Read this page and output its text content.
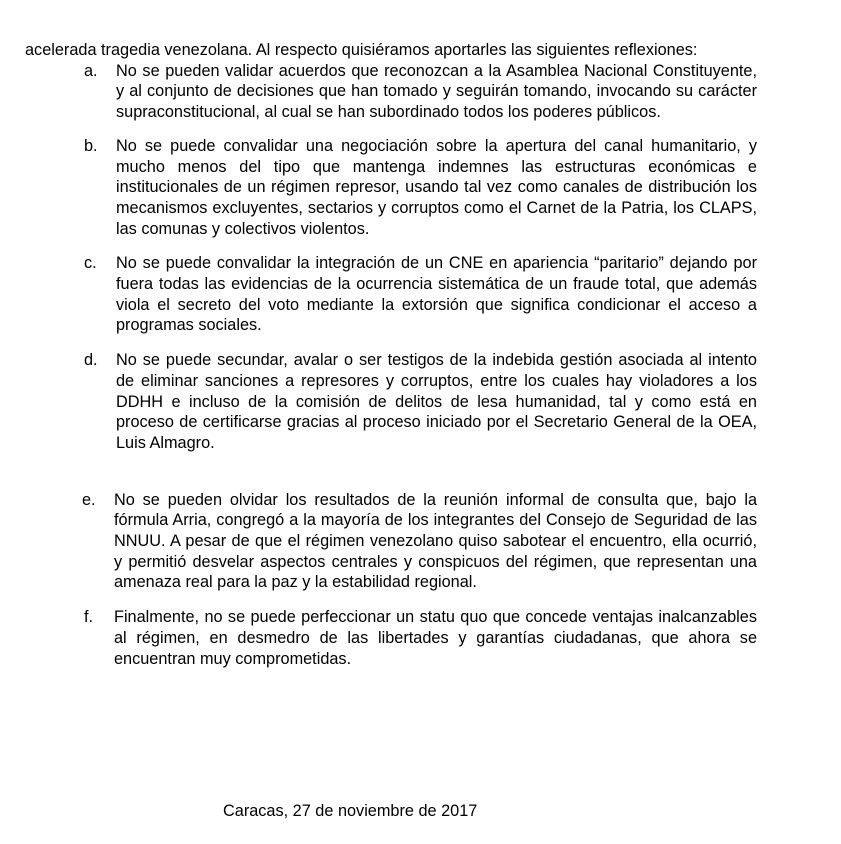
acelerada tragedia venezolana. Al respecto quisiéramos aportarles las siguientes reflexiones:

a. No se pueden validar acuerdos que reconozcan a la Asamblea Nacional Constituyente, y al conjunto de decisiones que han tomado y seguirán tomando, invocando su carácter supraconstitucional, al cual se han subordinado todos los poderes públicos.
b. No se puede convalidar una negociación sobre la apertura del canal humanitario, y mucho menos del tipo que mantenga indemnes las estructuras económicas e institucionales de un régimen represor, usando tal vez como canales de distribución los mecanismos excluyentes, sectarios y corruptos como el Carnet de la Patria, los CLAPS, las comunas y colectivos violentos.
c. No se puede convalidar la integración de un CNE en apariencia “paritario” dejando por fuera todas las evidencias de la ocurrencia sistemática de un fraude total, que además viola el secreto del voto mediante la extorsión que significa condicionar el acceso a programas sociales.
d. No se puede secundar, avalar o ser testigos de la indebida gestión asociada al intento de eliminar sanciones a represores y corruptos, entre los cuales hay violadores a los DDHH e incluso de la comisión de delitos de lesa humanidad, tal y como está en proceso de certificarse gracias al proceso iniciado por el Secretario General de la OEA, Luis Almagro.
e. No se pueden olvidar los resultados de la reunión informal de consulta que, bajo la fórmula Arria, congregó a la mayoría de los integrantes del Consejo de Seguridad de las NNUU. A pesar de que el régimen venezolano quiso sabotear el encuentro, ella ocurrió, y permitió desvelar aspectos centrales y conspicuos del régimen, que representan una amenaza real para la paz y la estabilidad regional.
f. Finalmente, no se puede perfeccionar un statu quo que concede ventajas inalcanzables al régimen, en desmedro de las libertades y garantías ciudadanas, que ahora se encuentran muy comprometidas.

Caracas, 27 de noviembre de 2017
